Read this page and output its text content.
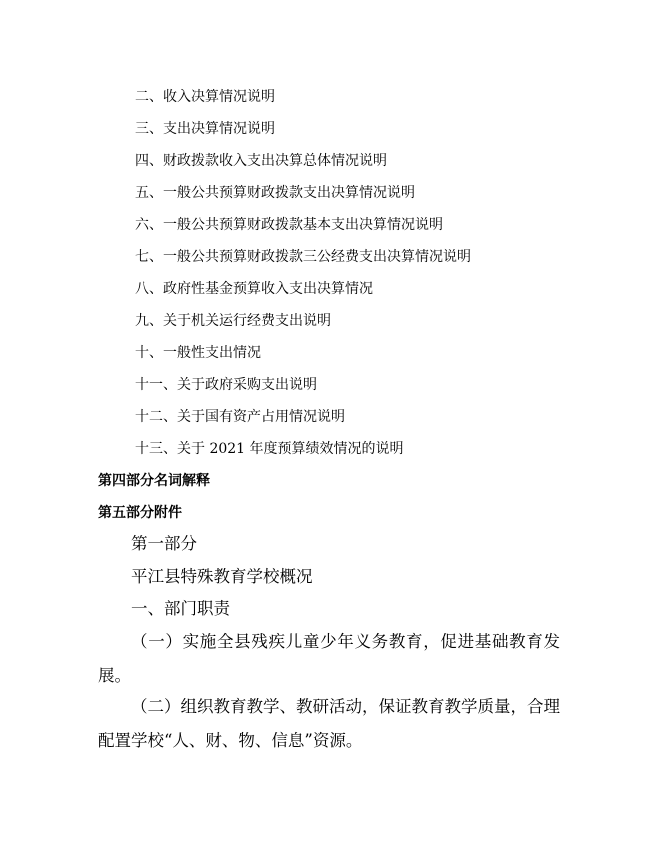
二、收入决算情况说明
三、支出决算情况说明
四、财政拨款收入支出决算总体情况说明
五、一般公共预算财政拨款支出决算情况说明
六、一般公共预算财政拨款基本支出决算情况说明
七、一般公共预算财政拨款三公经费支出决算情况说明
八、政府性基金预算收入支出决算情况
九、关于机关运行经费支出说明
十、一般性支出情况
十一、关于政府采购支出说明
十二、关于国有资产占用情况说明
十三、关于 2021 年度预算绩效情况的说明
第四部分名词解释
第五部分附件
第一部分
平江县特殊教育学校概况
一、部门职责
（一）实施全县残疾儿童少年义务教育，促进基础教育发展。
（二）组织教育教学、教研活动，保证教育教学质量，合理配置学校“人、财、物、信息”资源。
